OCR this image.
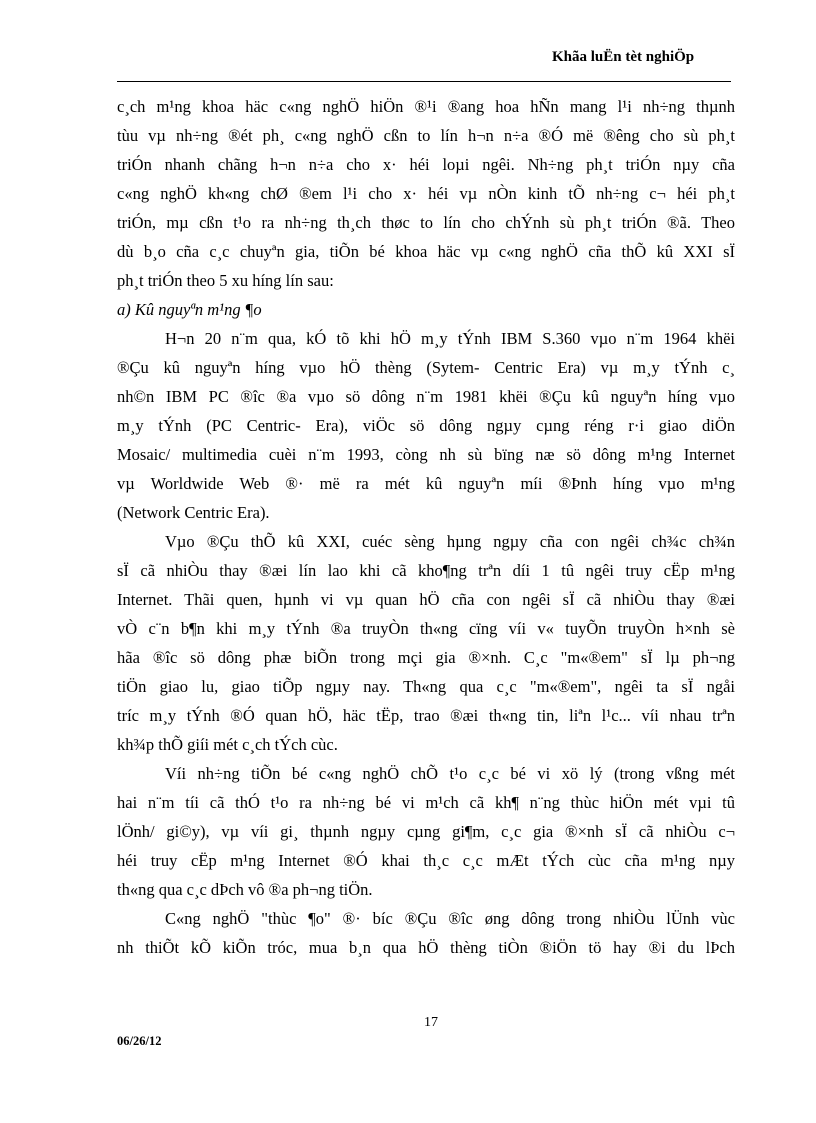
Khãa luËn tèt nghiÖp
c¸ch m¹ng khoa häc c«ng nghÖ hiÖn ®¹i ®ang hoa hÑn mang l¹i nh÷ng thµnh
tùu vµ nh÷ng ®ét ph¸ c«ng nghÖ cßn to lín h¬n n÷a ®Ó më ®êng cho sù ph¸t
triÓn nhanh chãng h¬n n÷a cho x· héi loµi ngêi. Nh÷ng ph¸t triÓn nµy cña
c«ng nghÖ kh«ng chØ ®em l¹i cho x· héi vµ nÒn kinh tÕ nh÷ng c¬ héi ph¸t
triÓn, mµ cßn t¹o ra nh÷ng th¸ch thøc to lín cho chÝnh sù ph¸t triÓn ®ã. Theo
dù b¸o cña c¸c chuyªn gia, tiÕn bé khoa häc vµ c«ng nghÖ cña thÕ kû XXI sÏ
ph¸t triÓn theo 5 xu híng lín sau:
a) Kû nguyªn m¹ng ¶o
H¬n 20 n¨m qua, kÓ tõ khi hÖ m¸y tÝnh IBM S.360 vµo n¨m 1964 khëi
®Çu kû nguyªn híng vµo hÖ thèng (Sytem- Centric Era) vµ m¸y tÝnh c¸
nh©n IBM PC ®îc ®a vµo sö dông n¨m 1981 khëi ®Çu kû nguyªn híng vµo
m¸y tÝnh (PC Centric- Era), viÖc sö dông ngµy cµng réng r·i giao diÖn
Mosaic/ multimedia cuèi n¨m 1993, còng nh sù bïng næ sö dông m¹ng Internet
vµ Worldwide Web ®· më ra mét kû nguyªn míi ®Þnh híng vµo m¹ng
(Network Centric Era).
Vµo ®Çu thÕ kû XXI, cuéc sèng hµng ngµy cña con ngêi ch¾c ch¾n
sÏ cã nhiÒu thay ®æi lín lao khi cã kho¶ng trªn díi 1 tû ngêi truy cËp m¹ng
Internet. Thãi quen, hµnh vi vµ quan hÖ cña con ngêi sÏ cã nhiÒu thay ®æi
vÒ c¨n b¶n khi m¸y tÝnh ®a truyÒn th«ng cïng víi v« tuyÕn truyÒn h×nh sè
hãa ®îc sö dông phæ biÕn trong mçi gia ®×nh. C¸c "m«®em" sÏ lµ ph¬ng
tiÖn giao lu, giao tiÕp ngµy nay. Th«ng qua c¸c "m«®em", ngêi ta sÏ ngåi
tríc m¸y tÝnh ®Ó quan hÖ, häc tËp, trao ®æi th«ng tin, liªn l¹c... víi nhau trªn
kh¾p thÕ giíi mét c¸ch tÝch cùc.
Víi nh÷ng tiÕn bé c«ng nghÖ chÕ t¹o c¸c bé vi xö lý (trong vßng mét
hai n¨m tíi cã thÓ t¹o ra nh÷ng bé vi m¹ch cã kh¶ n¨ng thùc hiÖn mét vµi tû
lÖnh/ gi©y), vµ víi gi¸ thµnh ngµy cµng gi¶m, c¸c gia ®×nh sÏ cã nhiÒu c¬
héi truy cËp m¹ng Internet ®Ó khai th¸c c¸c mÆt tÝch cùc cña m¹ng nµy
th«ng qua c¸c dÞch vô ®a ph¬ng tiÖn.
C«ng nghÖ "thùc ¶o" ®· bíc ®Çu ®îc øng dông trong nhiÒu lÜnh vùc
nh thiÕt kÕ kiÕn tróc, mua b¸n qua hÖ thèng tiÒn ®iÖn tö hay ®i du lÞch
17
06/26/12
